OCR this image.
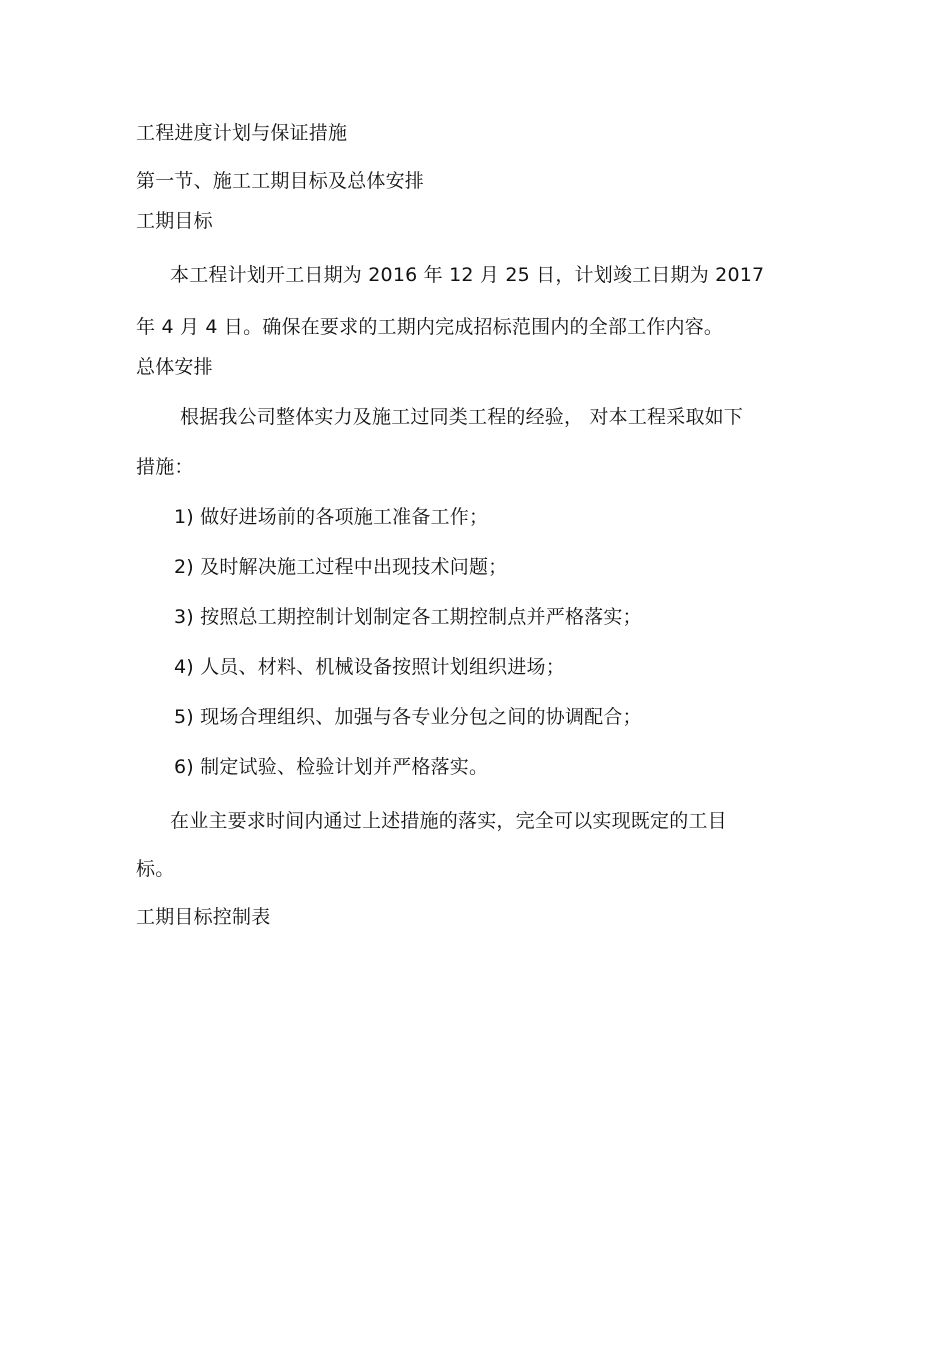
工程进度计划与保证措施
第一节、施工工期目标及总体安排
工期目标
本工程计划开工日期为 2016 年 12 月 25 日，计划竣工日期为 2017
年 4 月 4 日。确保在要求的工期内完成招标范围内的全部工作内容。
总体安排
根据我公司整体实力及施工过同类工程的经验， 对本工程采取如下
措施：
1) 做好进场前的各项施工准备工作；
2) 及时解决施工过程中出现技术问题；
3) 按照总工期控制计划制定各工期控制点并严格落实；
4) 人员、材料、机械设备按照计划组织进场；
5) 现场合理组织、加强与各专业分包之间的协调配合；
6) 制定试验、检验计划并严格落实。
在业主要求时间内通过上述措施的落实，完全可以实现既定的工目
标。
工期目标控制表
